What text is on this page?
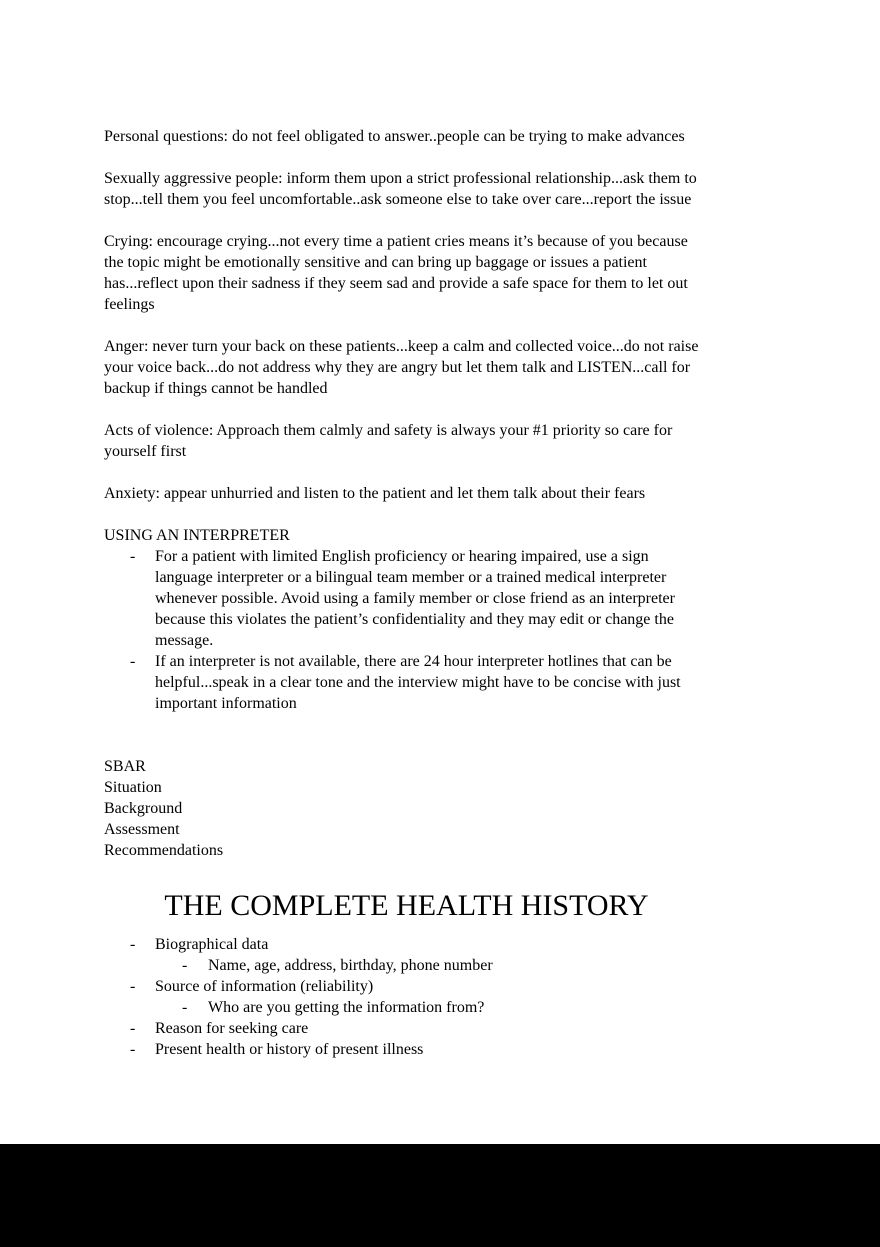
Personal questions: do not feel obligated to answer..people can be trying to make advances

Sexually aggressive people: inform them upon a strict professional relationship...ask them to stop...tell them you feel uncomfortable..ask someone else to take over care...report the issue

Crying: encourage crying...not every time a patient cries means it’s because of you because the topic might be emotionally sensitive and can bring up baggage or issues a patient has...reflect upon their sadness if they seem sad and provide a safe space for them to let out feelings

Anger: never turn your back on these patients...keep a calm and collected voice...do not raise your voice back...do not address why they are angry but let them talk and LISTEN...call for backup if things cannot be handled

Acts of violence: Approach them calmly and safety is always your #1 priority so care for yourself first

Anxiety: appear unhurried and listen to the patient and let them talk about their fears

USING AN INTERPRETER

-	For a patient with limited English proficiency or hearing impaired, use a sign language interpreter or a bilingual team member or a trained medical interpreter whenever possible. Avoid using a family member or close friend as an interpreter because this violates the patient’s confidentiality and they may edit or change the message.
-	If an interpreter is not available, there are 24 hour interpreter hotlines that can be helpful...speak in a clear tone and the interview might have to be concise with just important information

SBAR

Situation

Background

Assessment

Recommendations

THE COMPLETE HEALTH HISTORY
-	Biographical data
-	Name, age, address, birthday, phone number
-	Source of information (reliability)
-	Who are you getting the information from?
-	Reason for seeking care
-	Present health or history of present illness
